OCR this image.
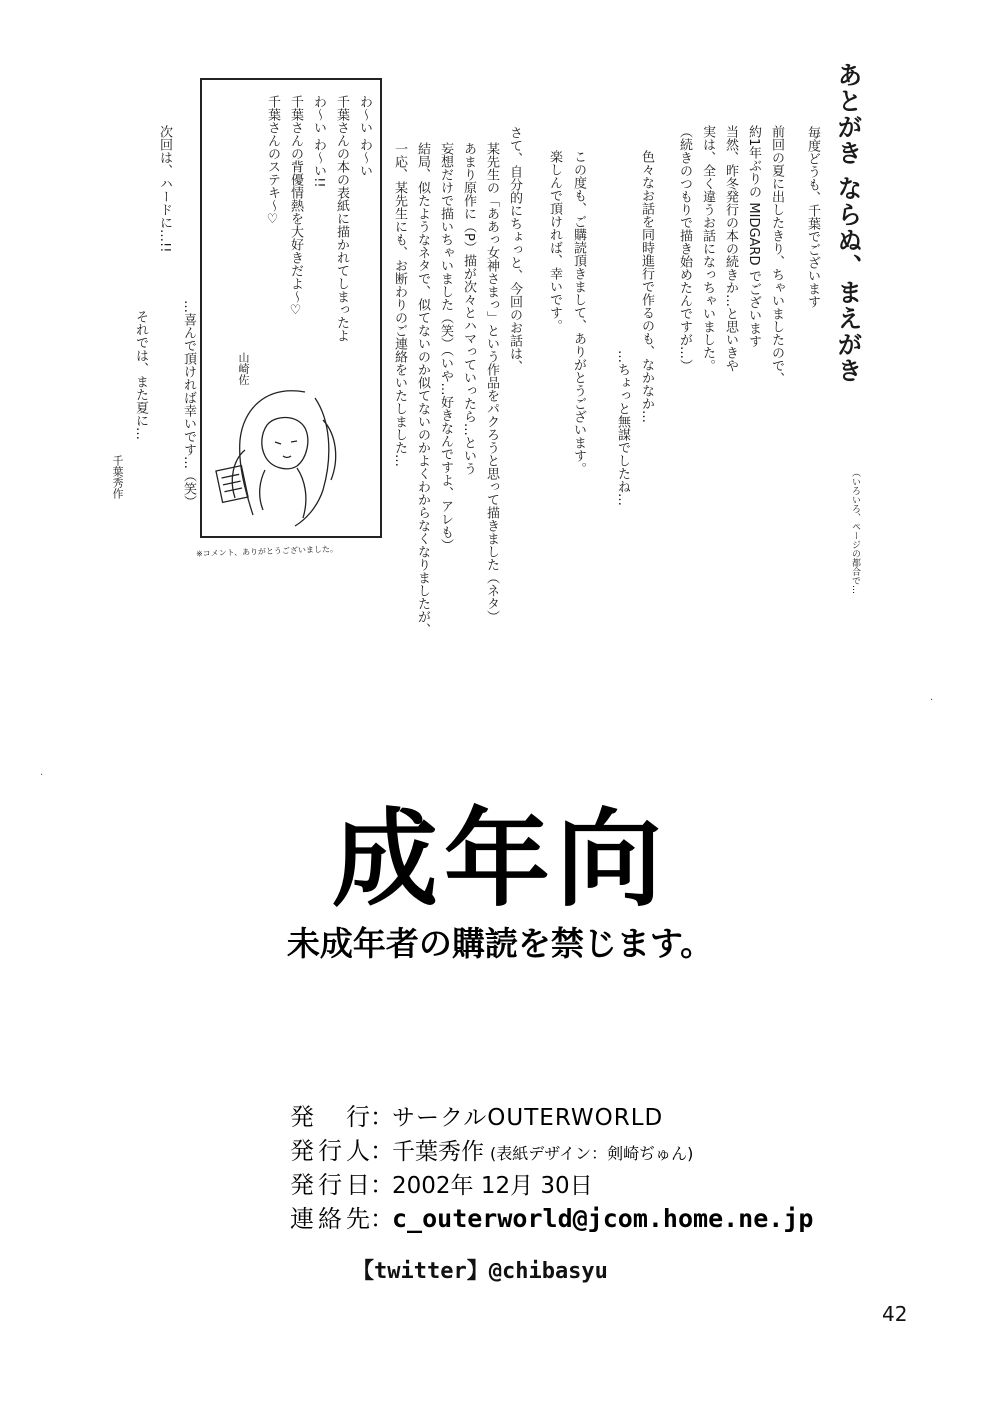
あとがき ならぬ、まえがき
（いろいろ、ページの都合で…
毎度どうも、千葉でございます
前回の夏に出したきり、ちゃいましたので、
約1年ぶりの MIDGARD でございます
当然、昨冬発行の本の続きか…と思いきや
実は、全く違うお話になっちゃいました。
（続きのつもりで描き始めたんですが…）
色々なお話を同時進行で作るのも、なかなか…
…ちょっと無謀でしたね…
この度も、ご購読頂きまして、ありがとうございます。
楽しんで頂ければ、幸いです。
さて、自分的にちょっと、今回のお話は、
某先生の「ああっ女神さまっ」という作品をパクろうと思って描きました（ネタ）
あまり原作に（P）描が次々とハマっていったら…という
妄想だけで描いちゃいました（笑）（いや…好きなんですよ、アレも）
結局、似たようなネタで、似てないのか似てないのかよくわからなくなりましたが、
一応、某先生にも、お断わりのご連絡をいたしました…
次回は、ハードに…!!
…喜んで頂ければ幸いです…（笑）
それでは、また夏に…
千葉秀作
わ〜い わ〜い
千葉さんの本の表紙に描かれてしまったよ
わ〜い わ〜い!!
千葉さんの背優情熱を大好きだよ〜♡
千葉さんのステキ〜♡
山崎佐
※コメント、ありがとうございました。
成年向
未成年者の購読を禁じます。
発　行 ：
サークルOUTERWORLD
発行人 ：
千葉秀作 (表紙デザイン：剣崎ぢゅん)
発行日 ：
2002年 12月 30日
連絡先 ：
c_outerworld@jcom.home.ne.jp
【twitter】@chibasyu
42
·
·
